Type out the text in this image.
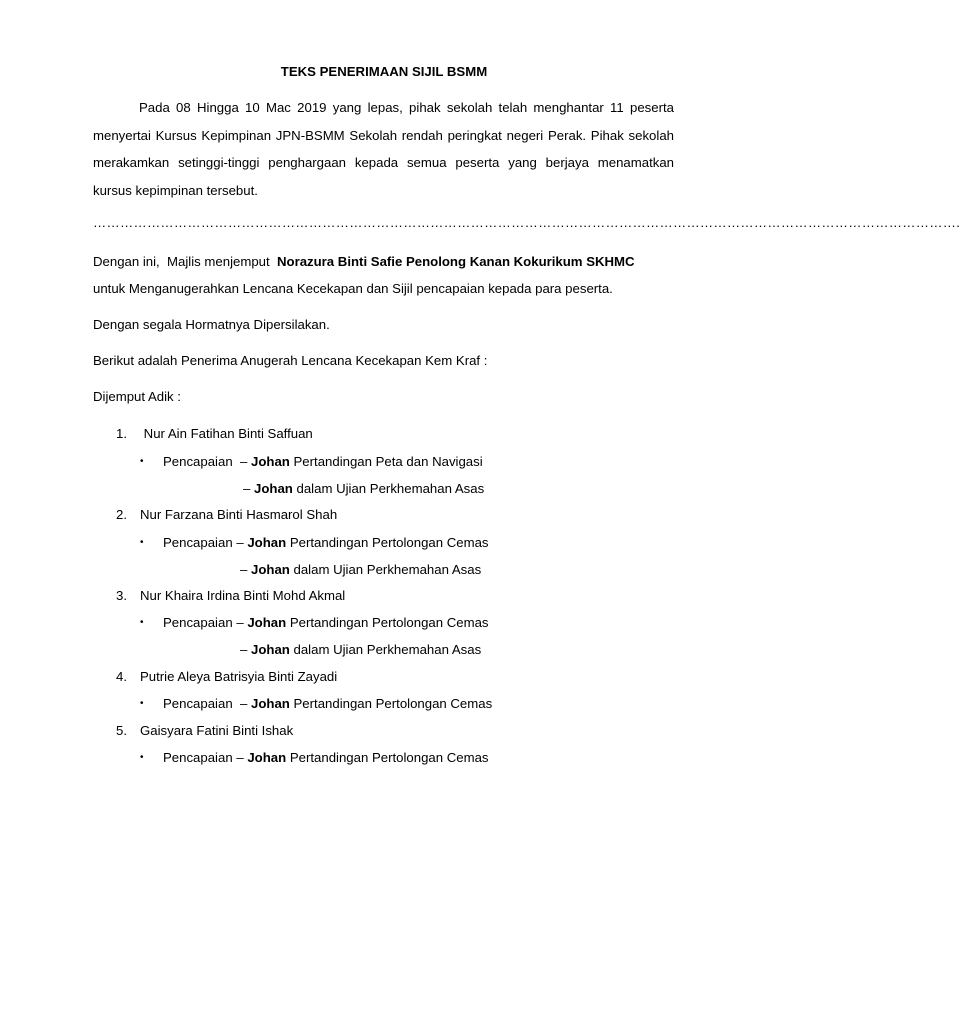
TEKS PENERIMAAN SIJIL BSMM

Pada 08 Hingga 10 Mac 2019 yang lepas, pihak sekolah telah menghantar 11 peserta menyertai Kursus Kepimpinan JPN-BSMM Sekolah rendah peringkat negeri Perak. Pihak sekolah merakamkan setinggi-tinggi penghargaan kepada semua peserta yang berjaya menamatkan kursus kepimpinan tersebut.

………………………………………………………………………………………………………………………………………………………………………….

Dengan ini,  Majlis menjemput  Norazura Binti Safie Penolong Kanan Kokurikum SKHMC

untuk Menganugerahkan Lencana Kecekapan dan Sijil pencapaian kepada para peserta.

Dengan segala Hormatnya Dipersilakan.

Berikut adalah Penerima Anugerah Lencana Kecekapan Kem Kraf :

Dijemput Adik :

1. Nur Ain Fatihan Binti Saffuan
• Pencapaian  – Johan Pertandingan Peta dan Navigasi
– Johan dalam Ujian Perkhemahan Asas
2. Nur Farzana Binti Hasmarol Shah
• Pencapaian – Johan Pertandingan Pertolongan Cemas
– Johan dalam Ujian Perkhemahan Asas
3. Nur Khaira Irdina Binti Mohd Akmal
• Pencapaian – Johan Pertandingan Pertolongan Cemas
– Johan dalam Ujian Perkhemahan Asas
4. Putrie Aleya Batrisyia Binti Zayadi
• Pencapaian  – Johan Pertandingan Pertolongan Cemas
5. Gaisyara Fatini Binti Ishak
• Pencapaian – Johan Pertandingan Pertolongan Cemas
